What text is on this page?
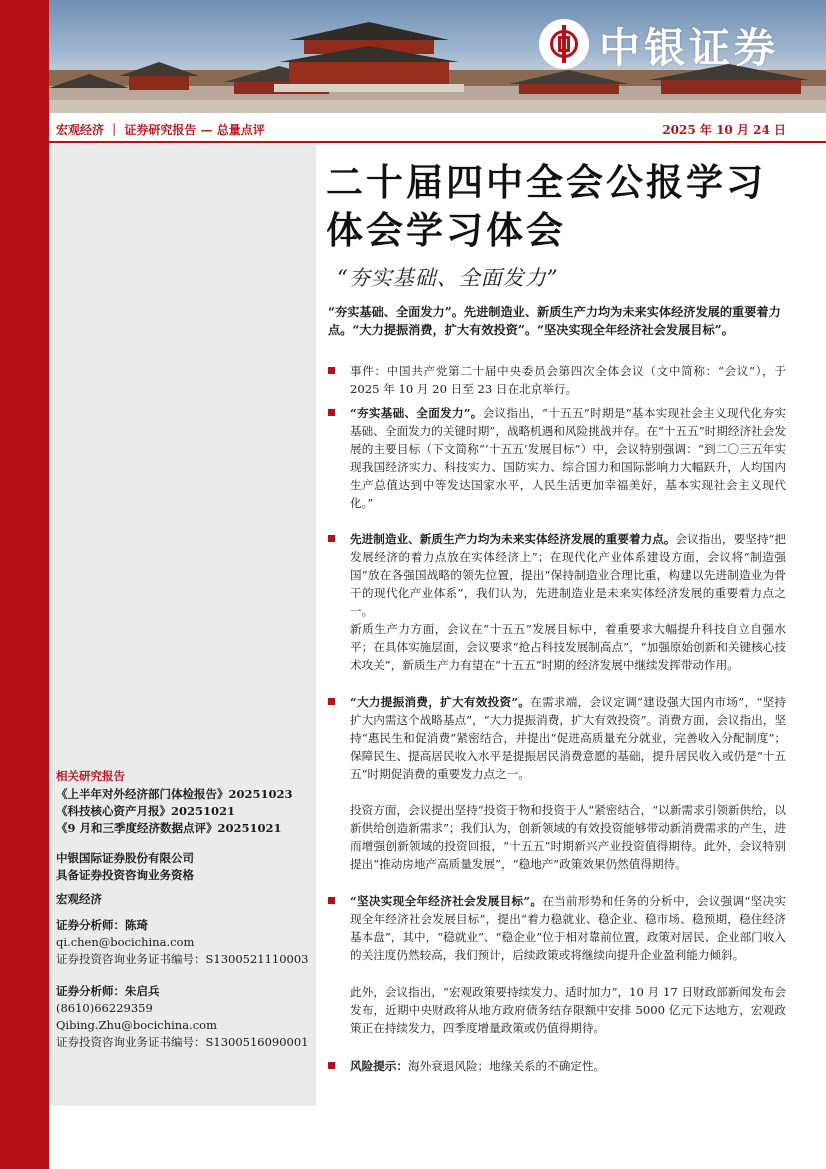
中银证券
宏观经济 ｜ 证券研究报告 — 总量点评	2025 年 10 月 24 日
二十届四中全会公报学习
体会学习体会
“夯实基础、全面发力”
“夯实基础、全面发力”。先进制造业、新质生产力均为未来实体经济发展的重要着力点。“大力提振消费，扩大有效投资”。“坚决实现全年经济社会发展目标”。
事件：中国共产党第二十届中央委员会第四次全体会议（文中简称：“会议”），于 2025 年 10 月 20 日至 23 日在北京举行。
“夯实基础、全面发力”。会议指出，“十五五”时期是“基本实现社会主义现代化夯实基础、全面发力的关键时期”，战略机遇和风险挑战并存。在“十五五”时期经济社会发展的主要目标（下文简称“‘十五五’发展目标”）中，会议特别强调：“到二〇三五年实现我国经济实力、科技实力、国防实力、综合国力和国际影响力大幅跃升，人均国内生产总值达到中等发达国家水平，人民生活更加幸福美好，基本实现社会主义现代化。”
先进制造业、新质生产力均为未来实体经济发展的重要着力点。会议指出，要坚持“把发展经济的着力点放在实体经济上”；在现代化产业体系建设方面，会议将“制造强国”放在各强国战略的领先位置，提出“保持制造业合理比重，构建以先进制造业为骨干的现代化产业体系”，我们认为，先进制造业是未来实体经济发展的重要着力点之一。
新质生产力方面，会议在“十五五”发展目标中，着重要求大幅提升科技自立自强水平；在具体实施层面，会议要求“抢占科技发展制高点”，“加强原始创新和关键核心技术攻关”，新质生产力有望在“十五五”时期的经济发展中继续发挥带动作用。
“大力提振消费，扩大有效投资”。在需求端，会议定调“建设强大国内市场”，“坚持扩大内需这个战略基点”，“大力提振消费，扩大有效投资”。消费方面，会议指出，坚持“惠民生和促消费”紧密结合，并提出“促进高质量充分就业，完善收入分配制度”；保障民生、提高居民收入水平是提振居民消费意愿的基础，提升居民收入或仍是“十五五”时期促消费的重要发力点之一。
投资方面，会议提出坚持“投资于物和投资于人”紧密结合，“以新需求引领新供给，以新供给创造新需求”；我们认为，创新领域的有效投资能够带动新消费需求的产生，进而增强创新领域的投资回报，“十五五”时期新兴产业投资值得期待。此外，会议特别提出“推动房地产高质量发展”，“稳地产”政策效果仍然值得期待。
“坚决实现全年经济社会发展目标”。在当前形势和任务的分析中，会议强调“坚决实现全年经济社会发展目标”，提出“着力稳就业、稳企业、稳市场、稳预期，稳住经济基本盘”，其中，“稳就业”、“稳企业”位于相对靠前位置，政策对居民、企业部门收入的关注度仍然较高，我们预计，后续政策或将继续向提升企业盈利能力倾斜。
此外，会议指出，“宏观政策要持续发力、适时加力”，10 月 17 日财政部新闻发布会发布，近期中央财政将从地方政府债务结存限额中安排 5000 亿元下达地方，宏观政策正在持续发力，四季度增量政策或仍值得期待。
风险提示：海外衰退风险；地缘关系的不确定性。
相关研究报告
《上半年对外经济部门体检报告》20251023
《科技核心资产月报》20251021
《9 月和三季度经济数据点评》20251021
中银国际证券股份有限公司
具备证券投资咨询业务资格
宏观经济
证券分析师：陈琦
qi.chen@bocichina.com
证券投资咨询业务证书编号：S1300521110003
证券分析师：朱启兵
(8610)66229359
Qibing.Zhu@bocichina.com
证券投资咨询业务证书编号：S1300516090001
